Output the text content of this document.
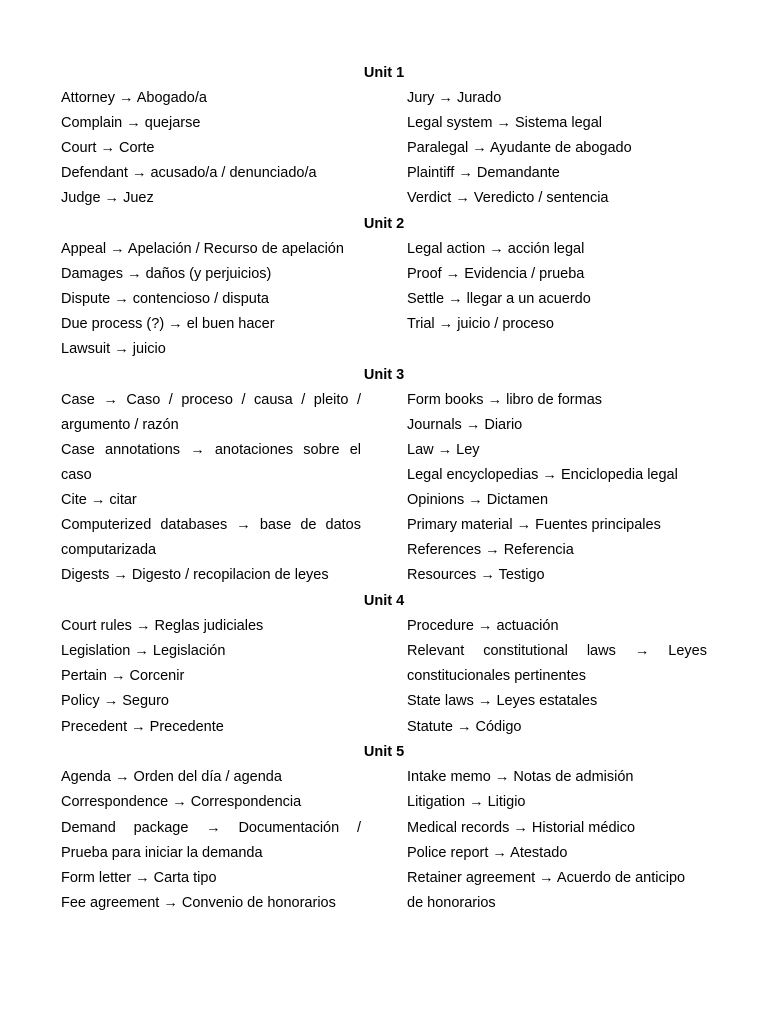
Unit 1

Attorney → Abogado/a

Complain → quejarse

Court → Corte

Defendant → acusado/a / denunciado/a

Judge → Juez

Jury → Jurado

Legal system → Sistema legal

Paralegal → Ayudante de abogado

Plaintiff → Demandante

Verdict → Veredicto / sentencia

Unit 2

Appeal → Apelación / Recurso de apelación

Damages → daños (y perjuicios)

Dispute → contencioso / disputa

Due process (?) → el buen hacer

Lawsuit → juicio

Legal action → acción legal

Proof → Evidencia / prueba

Settle → llegar a un acuerdo

Trial → juicio / proceso

Unit 3

Case → Caso / proceso / causa / pleito /

argumento / razón

Case annotations → anotaciones sobre el

caso

Cite → citar

Computerized databases → base de datos

computarizada

Digests → Digesto / recopilacion de leyes

Form books → libro de formas

Journals → Diario

Law → Ley

Legal encyclopedias → Enciclopedia legal

Opinions → Dictamen

Primary material → Fuentes principales

References → Referencia

Resources → Testigo

Unit 4

Court rules → Reglas judiciales

Legislation → Legislación

Pertain → Corcenir

Policy → Seguro

Precedent → Precedente

Procedure → actuación

Relevant constitutional laws → Leyes

constitucionales pertinentes

State laws → Leyes estatales

Statute → Código

Unit 5

Agenda → Orden del día / agenda

Correspondence → Correspondencia

Demand package → Documentación /

Prueba para iniciar la demanda

Form letter → Carta tipo

Fee agreement → Convenio de honorarios

Intake memo → Notas de admisión

Litigation → Litigio

Medical records → Historial médico

Police report → Atestado

Retainer agreement → Acuerdo de anticipo

de honorarios
